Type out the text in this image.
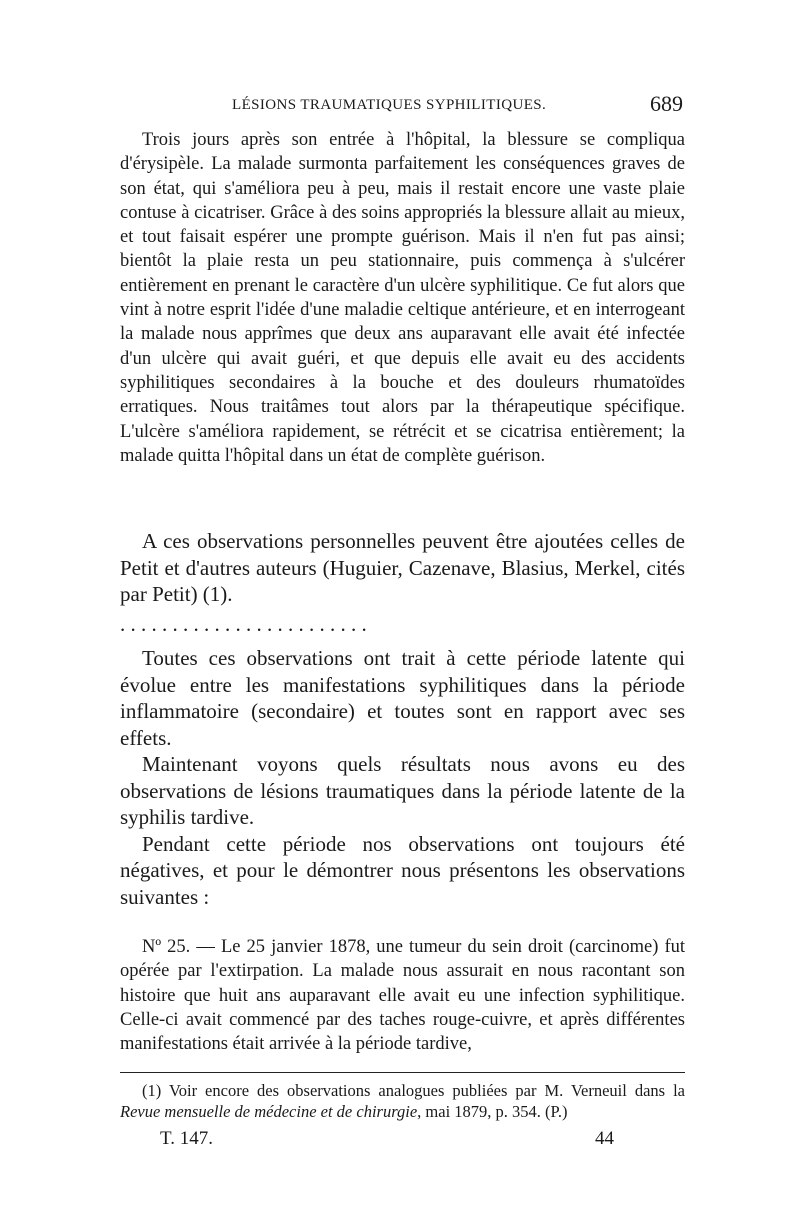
LÉSIONS TRAUMATIQUES SYPHILITIQUES.	689

Trois jours après son entrée à l'hôpital, la blessure se compliqua d'érysipèle. La malade surmonta parfaitement les conséquences graves de son état, qui s'améliora peu à peu, mais il restait encore une vaste plaie contuse à cicatriser. Grâce à des soins appropriés la blessure allait au mieux, et tout faisait espérer une prompte guérison. Mais il n'en fut pas ainsi; bientôt la plaie resta un peu stationnaire, puis commença à s'ulcérer entièrement en prenant le caractère d'un ulcère syphilitique. Ce fut alors que vint à notre esprit l'idée d'une maladie celtique antérieure, et en interrogeant la malade nous apprîmes que deux ans auparavant elle avait été infectée d'un ulcère qui avait guéri, et que depuis elle avait eu des accidents syphilitiques secondaires à la bouche et des douleurs rhumatoïdes erratiques. Nous traitâmes tout alors par la thérapeutique spécifique. L'ulcère s'améliora rapidement, se rétrécit et se cicatrisa entièrement; la malade quitta l'hôpital dans un état de complète guérison.

A ces observations personnelles peuvent être ajoutées celles de Petit et d'autres auteurs (Huguier, Cazenave, Blasius, Merkel, cités par Petit) (1).

. . . . . . . . . . . . . . . . . . . . . . . .

Toutes ces observations ont trait à cette période latente qui évolue entre les manifestations syphilitiques dans la période inflammatoire (secondaire) et toutes sont en rapport avec ses effets.

Maintenant voyons quels résultats nous avons eu des observations de lésions traumatiques dans la période latente de la syphilis tardive.

Pendant cette période nos observations ont toujours été négatives, et pour le démontrer nous présentons les observations suivantes :

Nº 25. — Le 25 janvier 1878, une tumeur du sein droit (carcinome) fut opérée par l'extirpation. La malade nous assurait en nous racontant son histoire que huit ans auparavant elle avait eu une infection syphilitique. Celle-ci avait commencé par des taches rouge-cuivre, et après différentes manifestations était arrivée à la période tardive,

(1) Voir encore des observations analogues publiées par M. Verneuil dans la Revue mensuelle de médecine et de chirurgie, mai 1879, p. 354. (P.)

T. 147.	44
